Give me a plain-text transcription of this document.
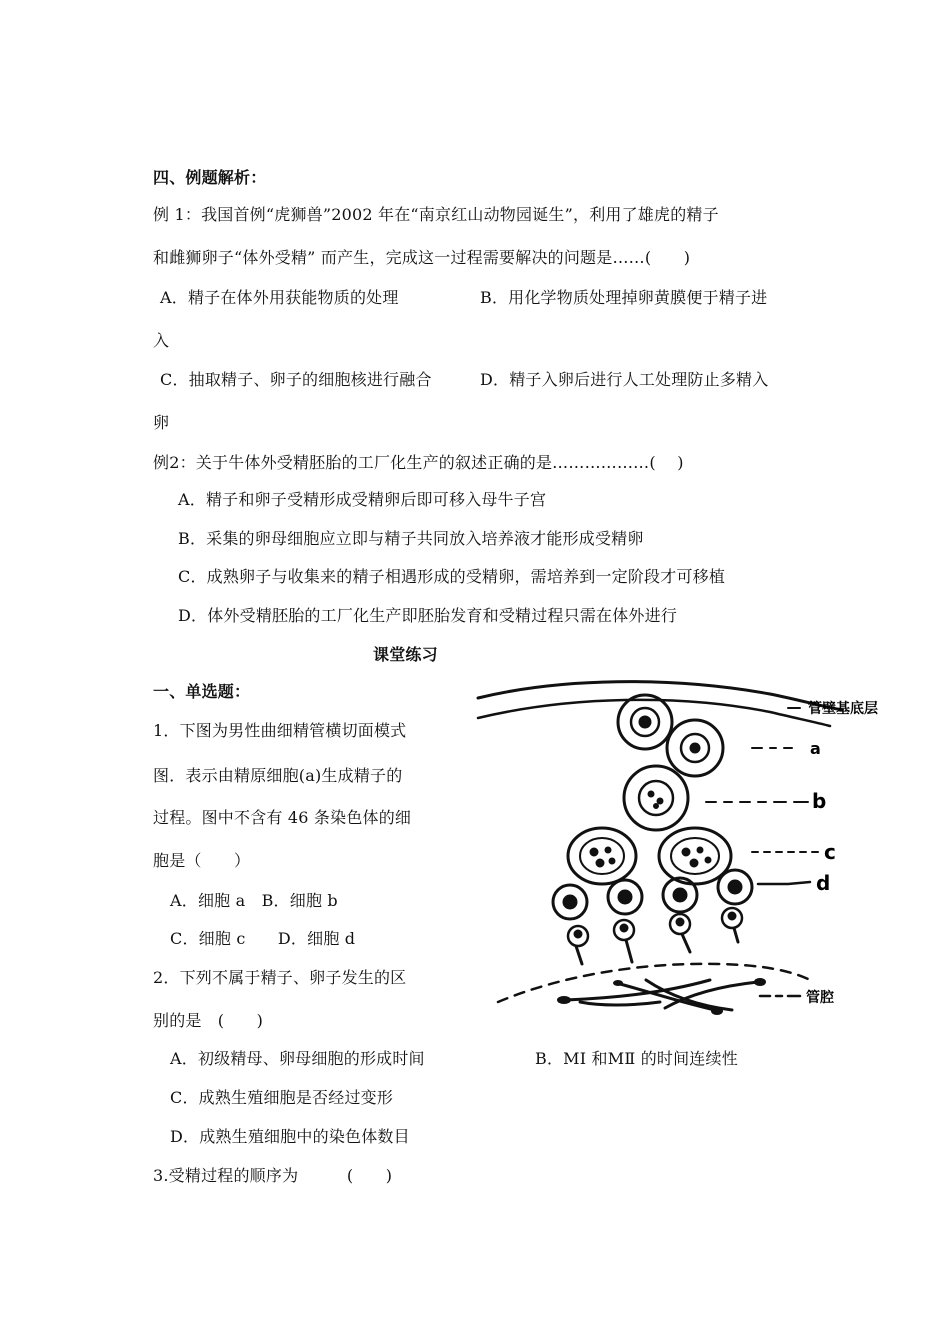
四、例题解析：
例 1：我国首例“虎狮兽”2002 年在“南京红山动物园诞生”，利用了雄虎的精子
和雌狮卵子“体外受精” 而产生，完成这一过程需要解决的问题是……(　　)
A．精子在体外用获能物质的处理	B．用化学物质处理掉卵黄膜便于精子进
入
C．抽取精子、卵子的细胞核进行融合	D．精子入卵后进行人工处理防止多精入
卵
例2：关于牛体外受精胚胎的工厂化生产的叙述正确的是………………(　 )
A．精子和卵子受精形成受精卵后即可移入母牛子宫
B．采集的卵母细胞应立即与精子共同放入培养液才能形成受精卵
C．成熟卵子与收集来的精子相遇形成的受精卵，需培养到一定阶段才可移植
D．体外受精胚胎的工厂化生产即胚胎发育和受精过程只需在体外进行
课堂练习
一、单选题：
1．下图为男性曲细精管横切面模式
图．表示由精原细胞(a)生成精子的
过程。图中不含有 46 条染色体的细
胞是（　　）
A．细胞 a　B．细胞 b
C．细胞 c　　D．细胞 d
2．下列不属于精子、卵子发生的区
别的是　(　　)
A．初级精母、卵母细胞的形成时间	B．MⅠ 和MⅡ 的时间连续性
C．成熟生殖细胞是否经过变形
D．成熟生殖细胞中的染色体数目
3.受精过程的顺序为　　　(　　)
管壁基底层
a
b
c
d
管腔
